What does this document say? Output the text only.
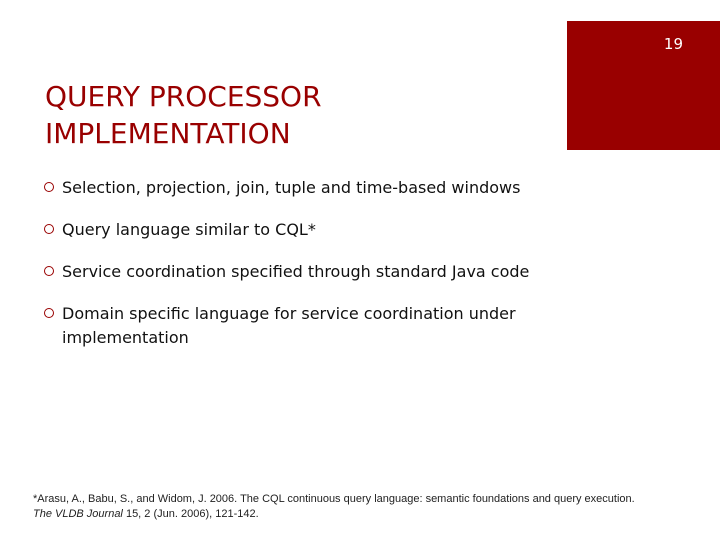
19
QUERY PROCESSOR
IMPLEMENTATION
Selection, projection, join, tuple and time-based windows
Query language similar to CQL*
Service coordination specified through standard Java code
Domain specific language for service coordination under implementation
*Arasu, A., Babu, S., and Widom, J. 2006. The CQL continuous query language: semantic foundations and query execution.
The VLDB Journal 15, 2 (Jun. 2006), 121-142.
